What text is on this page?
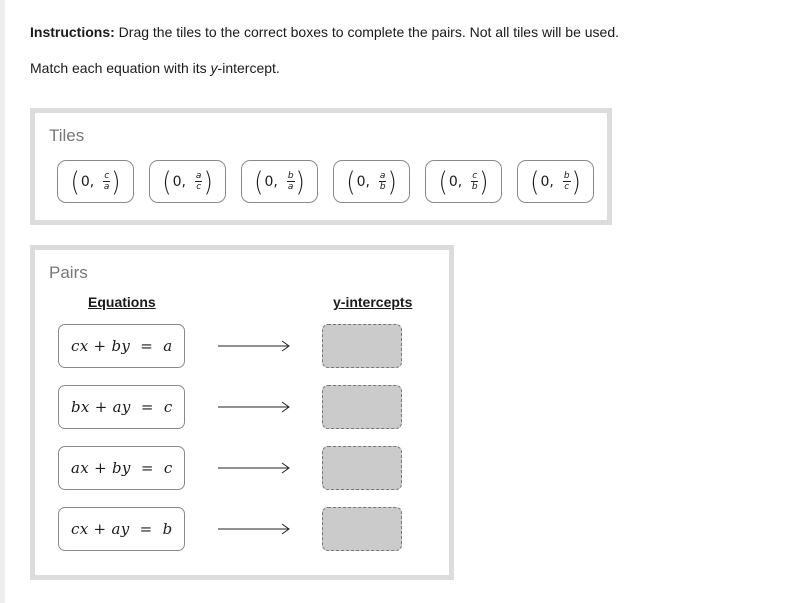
Instructions: Drag the tiles to the correct boxes to complete the pairs. Not all tiles will be used.
Match each equation with its y-intercept.
Tiles
( 0, $\frac{c}{a}$ ) ( 0, $\frac{a}{c}$ ) ( 0, $\frac{b}{a}$ ) ( 0, $\frac{a}{b}$ ) ( 0, $\frac{c}{b}$ ) ( 0, $\frac{b}{c}$ )
Pairs
Equations	y-intercepts
cx + by  =  a
bx + ay  =  c
ax + by  =  c
cx + ay  =  b
